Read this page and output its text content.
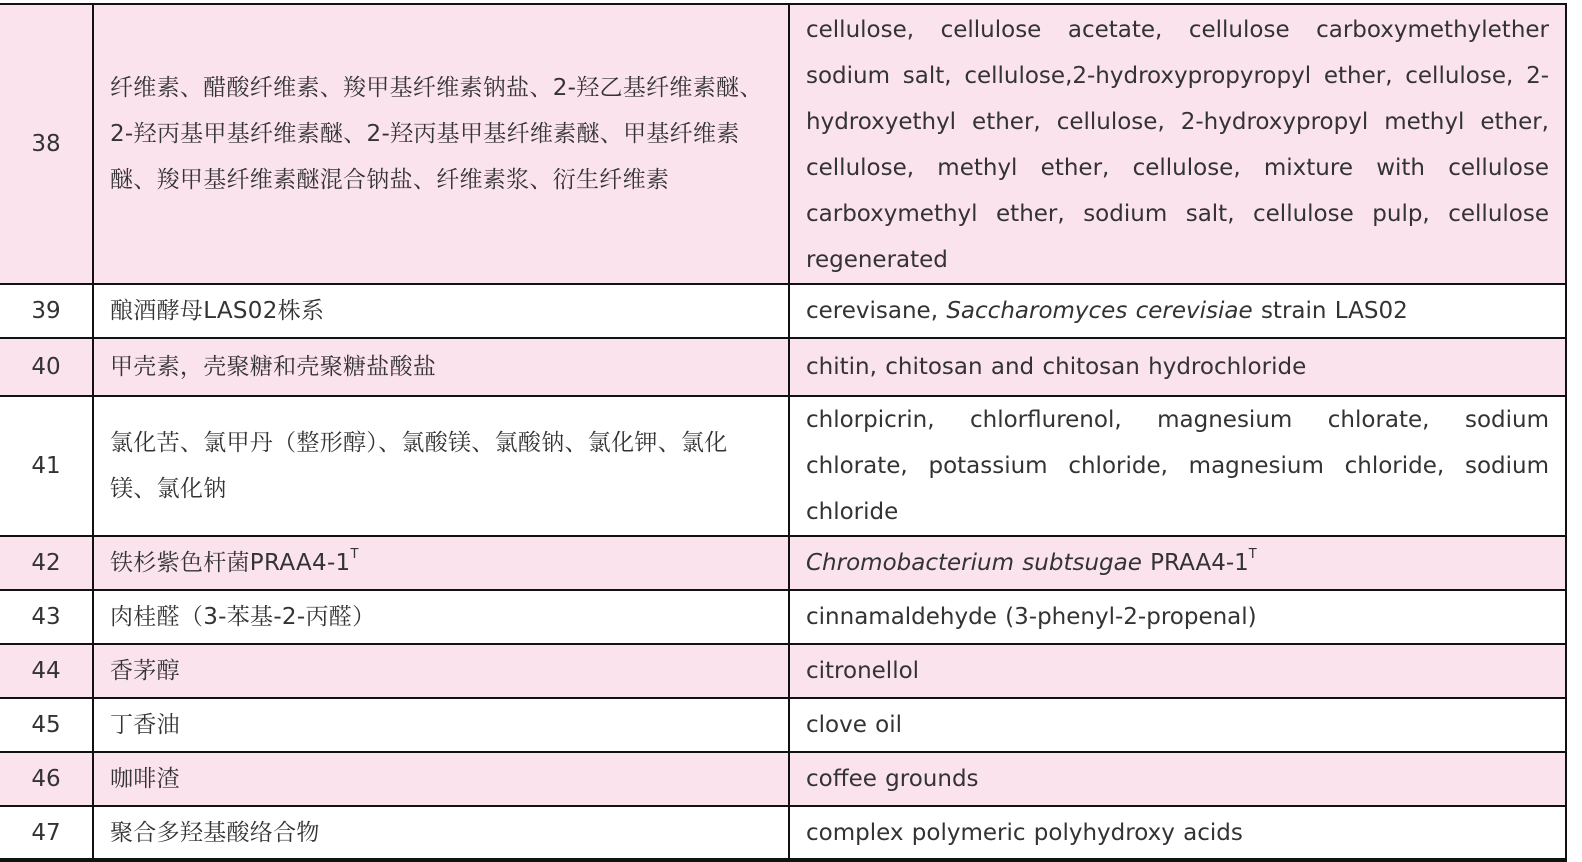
38	纤维素、醋酸纤维素、羧甲基纤维素钠盐、2-羟乙基纤维素醚、2-羟丙基甲基纤维素醚、2-羟丙基甲基纤维素醚、甲基纤维素醚、羧甲基纤维素醚混合钠盐、纤维素浆、衍生纤维素	cellulose, cellulose acetate, cellulose carboxymethylether sodium salt, cellulose,2-hydroxypropyropyl ether, cellulose, 2-hydroxyethyl ether, cellulose, 2-hydroxypropyl methyl ether, cellulose, methyl ether, cellulose, mixture with cellulose carboxymethyl ether, sodium salt, cellulose pulp, cellulose regenerated
39	酿酒酵母LAS02株系	cerevisane, Saccharomyces cerevisiae strain LAS02
40	甲壳素，壳聚糖和壳聚糖盐酸盐	chitin, chitosan and chitosan hydrochloride
41	氯化苦、氯甲丹（整形醇）、氯酸镁、氯酸钠、氯化钾、氯化镁、氯化钠	chlorpicrin, chlorflurenol, magnesium chlorate, sodium chlorate, potassium chloride, magnesium chloride, sodium chloride
42	铁杉紫色杆菌$PRAA4-1^T$	Chromobacterium subtsugae $PRAA4-1^T$
43	肉桂醛（3-苯基-2-丙醛）	cinnamaldehyde (3-phenyl-2-propenal)
44	香茅醇	citronellol
45	丁香油	clove oil
46	咖啡渣	coffee grounds
47	聚合多羟基酸络合物	complex polymeric polyhydroxy acids
